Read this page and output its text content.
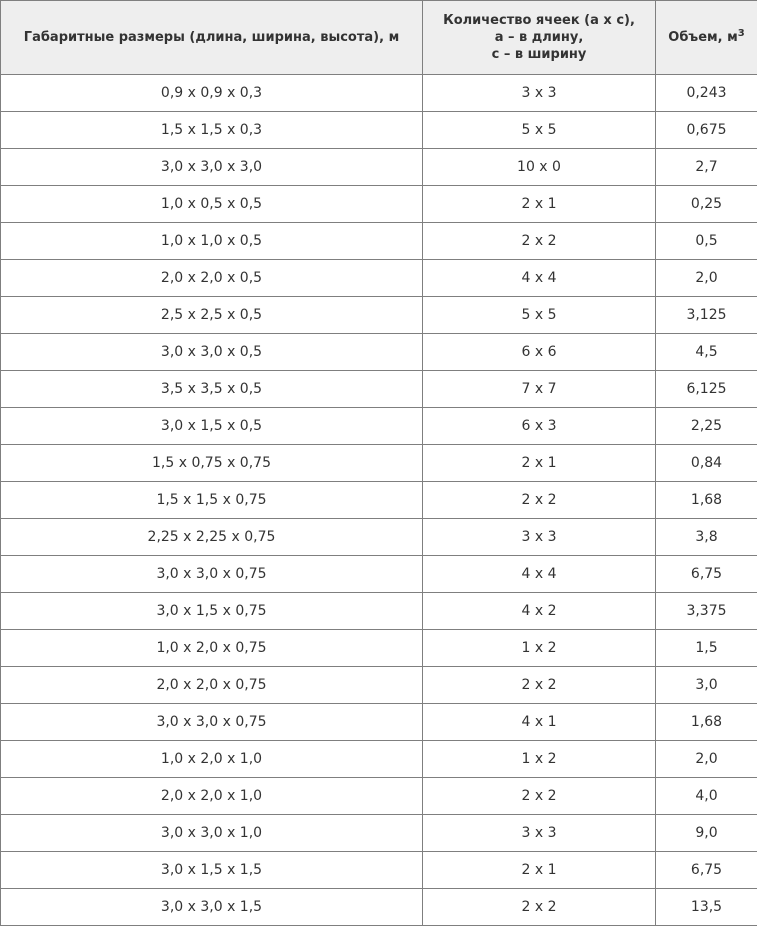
Габаритные размеры (длина, ширина, высота), м	Количество ячеек (а х с),
а – в длину,
с – в ширину	Объем, $м^3$
0,9 х 0,9 х 0,3	3 х 3	0,243
1,5 х 1,5 х 0,3	5 х 5	0,675
3,0 х 3,0 х 3,0	10 х 0	2,7
1,0 х 0,5 х 0,5	2 х 1	0,25
1,0 х 1,0 х 0,5	2 х 2	0,5
2,0 х 2,0 х 0,5	4 х 4	2,0
2,5 х 2,5 х 0,5	5 х 5	3,125
3,0 х 3,0 х 0,5	6 х 6	4,5
3,5 х 3,5 х 0,5	7 х 7	6,125
3,0 х 1,5 х 0,5	6 х 3	2,25
1,5 х 0,75 х 0,75	2 х 1	0,84
1,5 х 1,5 х 0,75	2 х 2	1,68
2,25 х 2,25 х 0,75	3 х 3	3,8
3,0 х 3,0 х 0,75	4 х 4	6,75
3,0 х 1,5 х 0,75	4 х 2	3,375
1,0 х 2,0 х 0,75	1 х 2	1,5
2,0 х 2,0 х 0,75	2 х 2	3,0
3,0 х 3,0 х 0,75	4 х 1	1,68
1,0 х 2,0 х 1,0	1 х 2	2,0
2,0 х 2,0 х 1,0	2 х 2	4,0
3,0 х 3,0 х 1,0	3 х 3	9,0
3,0 х 1,5 х 1,5	2 х 1	6,75
3,0 х 3,0 х 1,5	2 х 2	13,5
